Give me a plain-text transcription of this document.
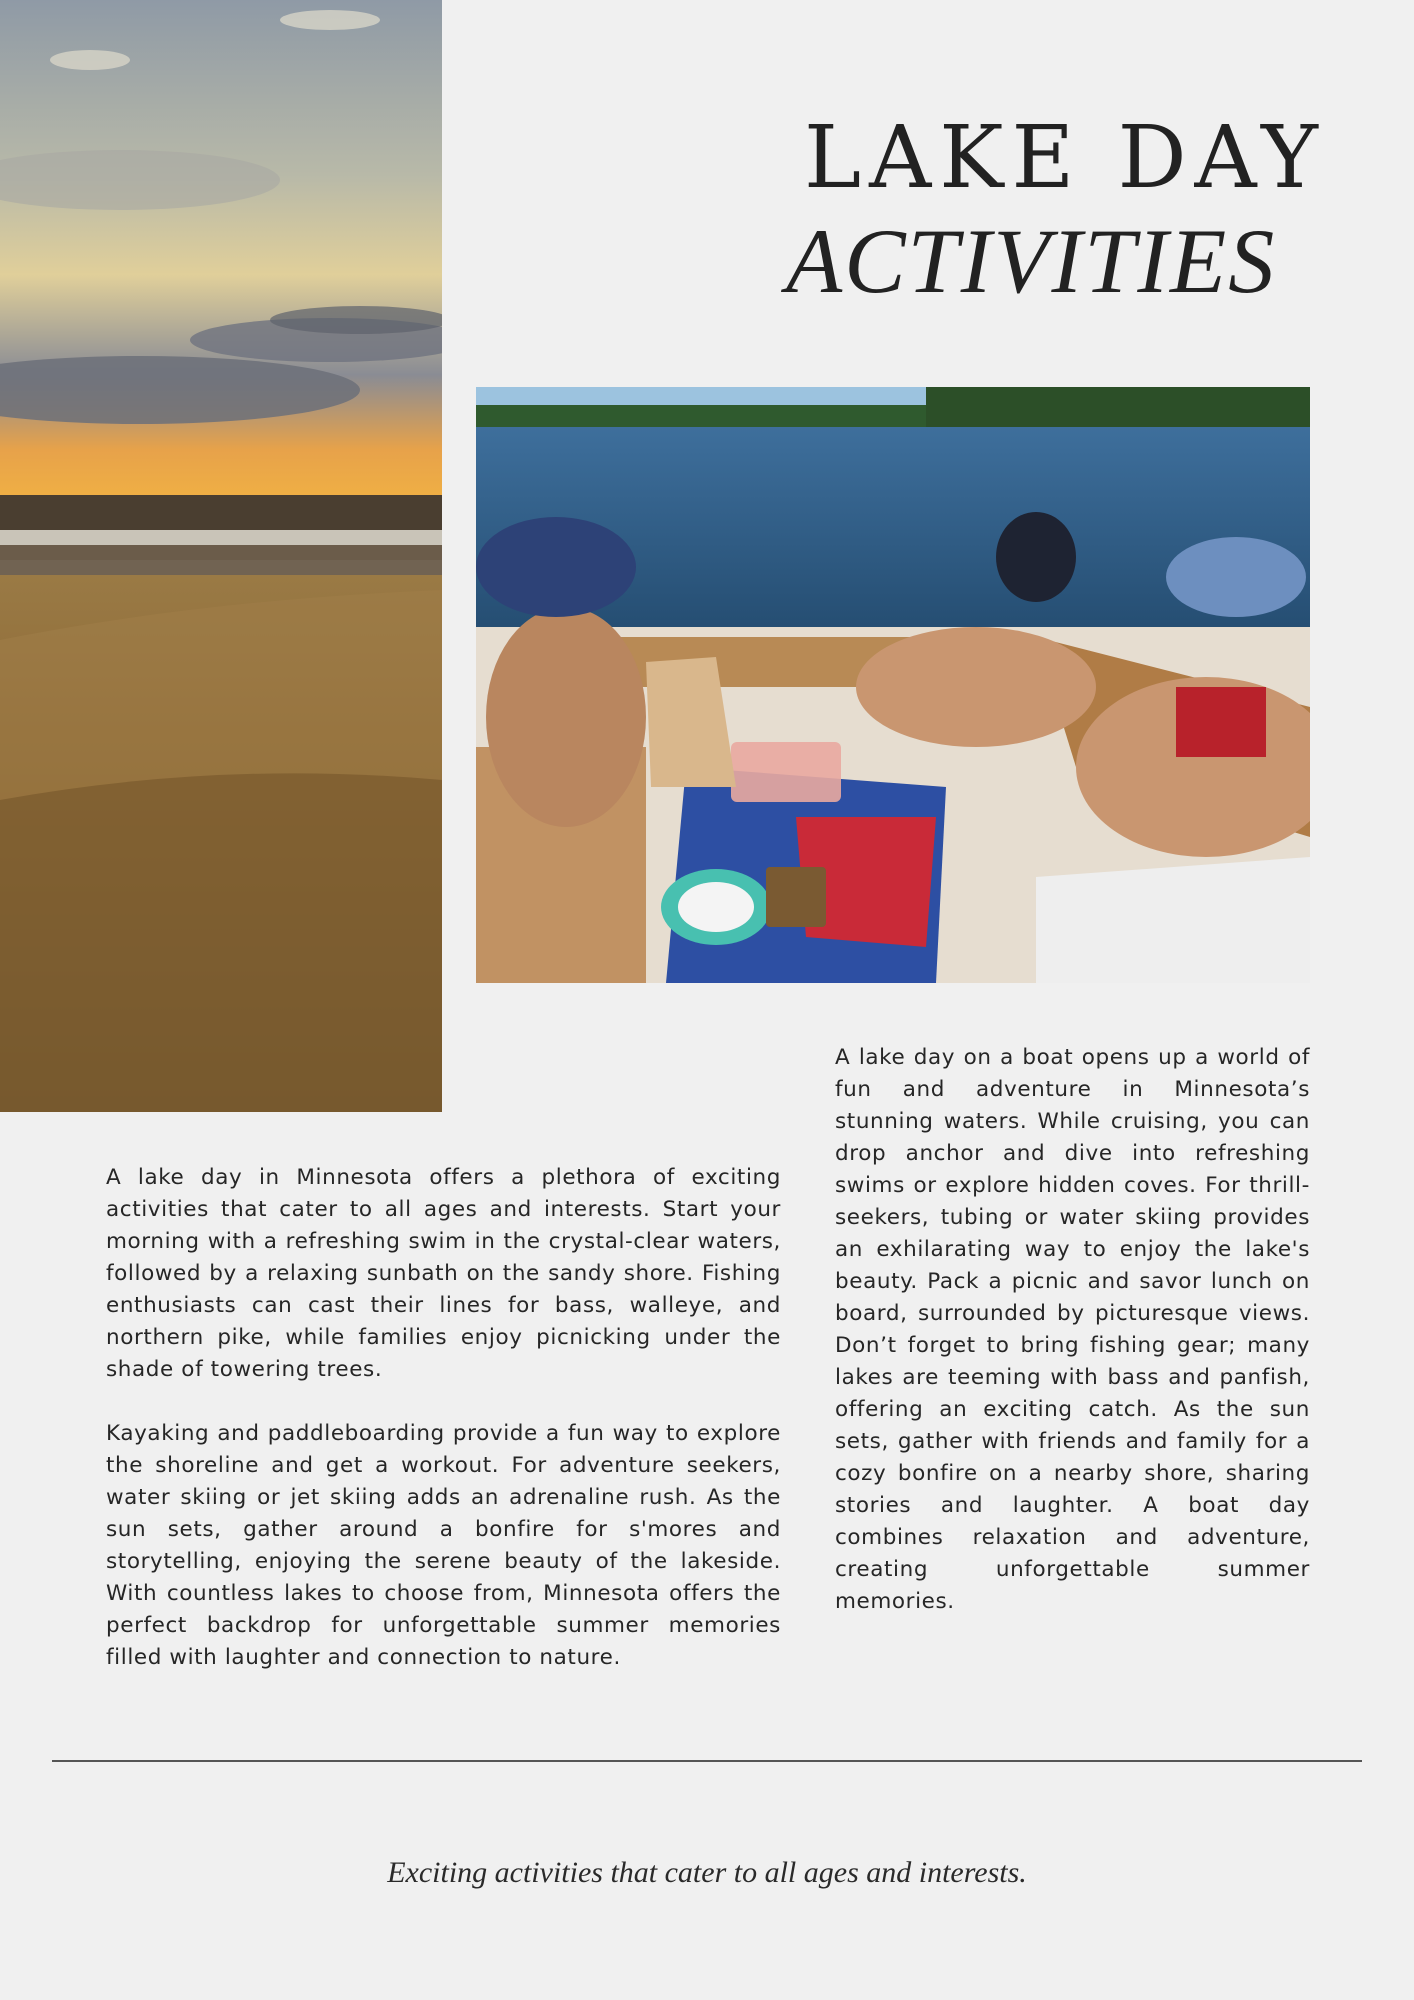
LAKE DAY
ACTIVITIES

A lake day in Minnesota offers a plethora of exciting activities that cater to all ages and interests. Start your morning with a refreshing swim in the crystal-clear waters, followed by a relaxing sunbath on the sandy shore. Fishing enthusiasts can cast their lines for bass, walleye, and northern pike, while families enjoy picnicking under the shade of towering trees.

Kayaking and paddleboarding provide a fun way to explore the shoreline and get a workout. For adventure seekers, water skiing or jet skiing adds an adrenaline rush. As the sun sets, gather around a bonfire for s'mores and storytelling, enjoying the serene beauty of the lakeside. With countless lakes to choose from, Minnesota offers the perfect backdrop for unforgettable summer memories filled with laughter and connection to nature.

A lake day on a boat opens up a world of fun and adventure in Minnesota’s stunning waters. While cruising, you can drop anchor and dive into refreshing swims or explore hidden coves. For thrill-seekers, tubing or water skiing provides an exhilarating way to enjoy the lake's beauty. Pack a picnic and savor lunch on board, surrounded by picturesque views. Don’t forget to bring fishing gear; many lakes are teeming with bass and panfish, offering an exciting catch. As the sun sets, gather with friends and family for a cozy bonfire on a nearby shore, sharing stories and laughter. A boat day combines relaxation and adventure, creating unforgettable summer memories.

Exciting activities that cater to all ages and interests.
